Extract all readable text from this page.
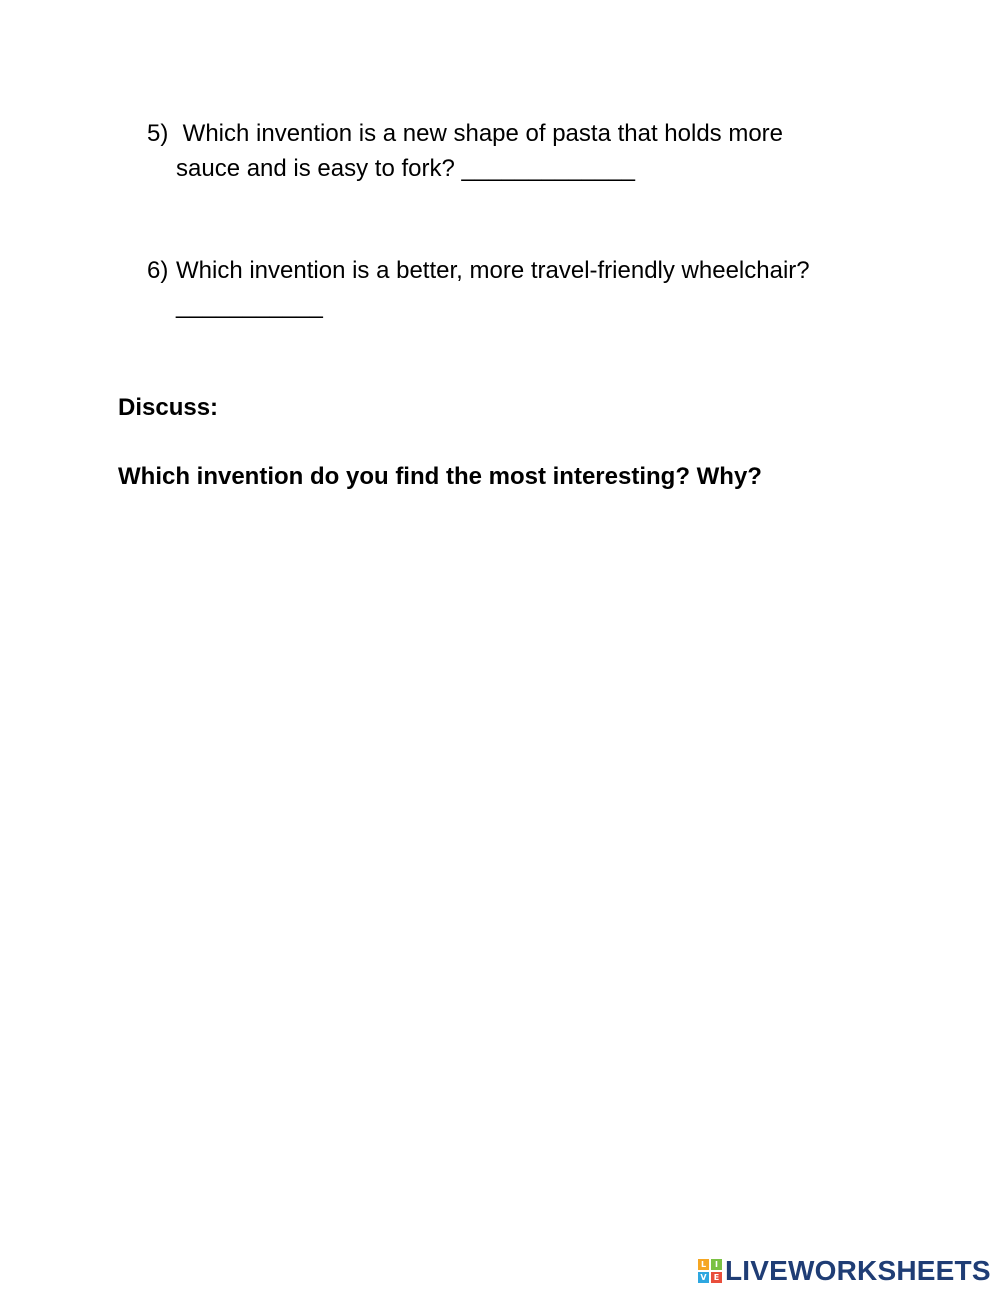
5) Which invention is a new shape of pasta that holds more
sauce and is easy to fork? _____________
6) Which invention is a better, more travel-friendly wheelchair?
___________

Discuss:

Which invention do you find the most interesting? Why?

L	I
V E LIVEWORKSHEETS
